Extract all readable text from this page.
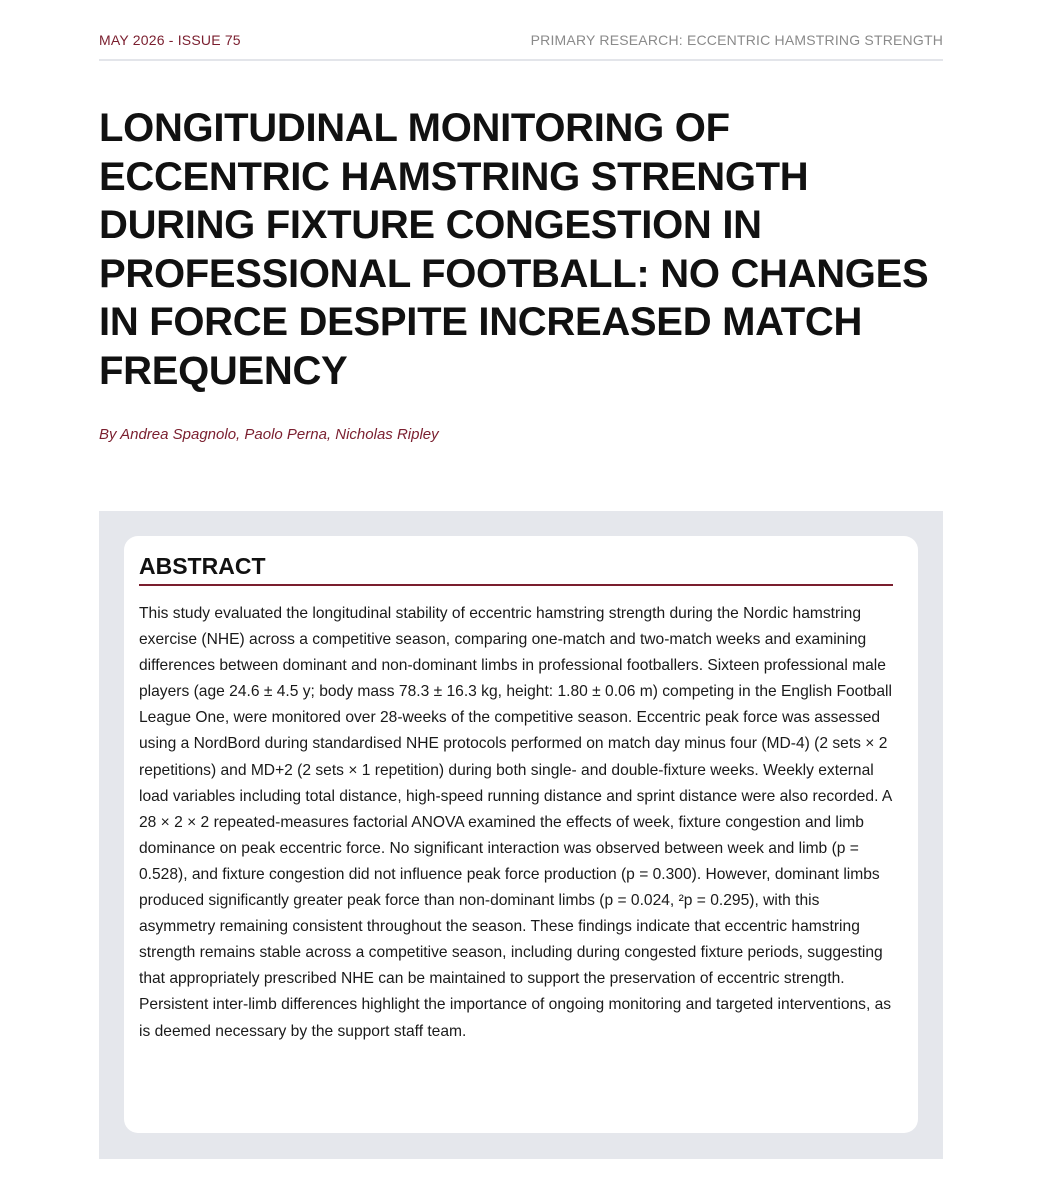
MAY 2026 - ISSUE 75	PRIMARY RESEARCH: ECCENTRIC HAMSTRING STRENGTH
LONGITUDINAL MONITORING OF ECCENTRIC HAMSTRING STRENGTH DURING FIXTURE CONGESTION IN PROFESSIONAL FOOTBALL: NO CHANGES IN FORCE DESPITE INCREASED MATCH FREQUENCY
By Andrea Spagnolo, Paolo Perna, Nicholas Ripley
ABSTRACT

This study evaluated the longitudinal stability of eccentric hamstring strength during the Nordic hamstring exercise (NHE) across a competitive season, comparing one-match and two-match weeks and examining differences between dominant and non-dominant limbs in professional footballers. Sixteen professional male players (age 24.6 ± 4.5 y; body mass 78.3 ± 16.3 kg, height: 1.80 ± 0.06 m) competing in the English Football League One, were monitored over 28-weeks of the competitive season. Eccentric peak force was assessed using a NordBord during standardised NHE protocols performed on match day minus four (MD-4) (2 sets × 2 repetitions) and MD+2 (2 sets × 1 repetition) during both single- and double-fixture weeks. Weekly external load variables including total distance, high-speed running distance and sprint distance were also recorded. A 28 × 2 × 2 repeated-measures factorial ANOVA examined the effects of week, fixture congestion and limb dominance on peak eccentric force. No significant interaction was observed between week and limb (p = 0.528), and fixture congestion did not influence peak force production (p = 0.300). However, dominant limbs produced significantly greater peak force than non-dominant limbs (p = 0.024, ²p = 0.295), with this asymmetry remaining consistent throughout the season. These findings indicate that eccentric hamstring strength remains stable across a competitive season, including during congested fixture periods, suggesting that appropriately prescribed NHE can be maintained to support the preservation of eccentric strength. Persistent inter-limb differences highlight the importance of ongoing monitoring and targeted interventions, as is deemed necessary by the support staff team.
